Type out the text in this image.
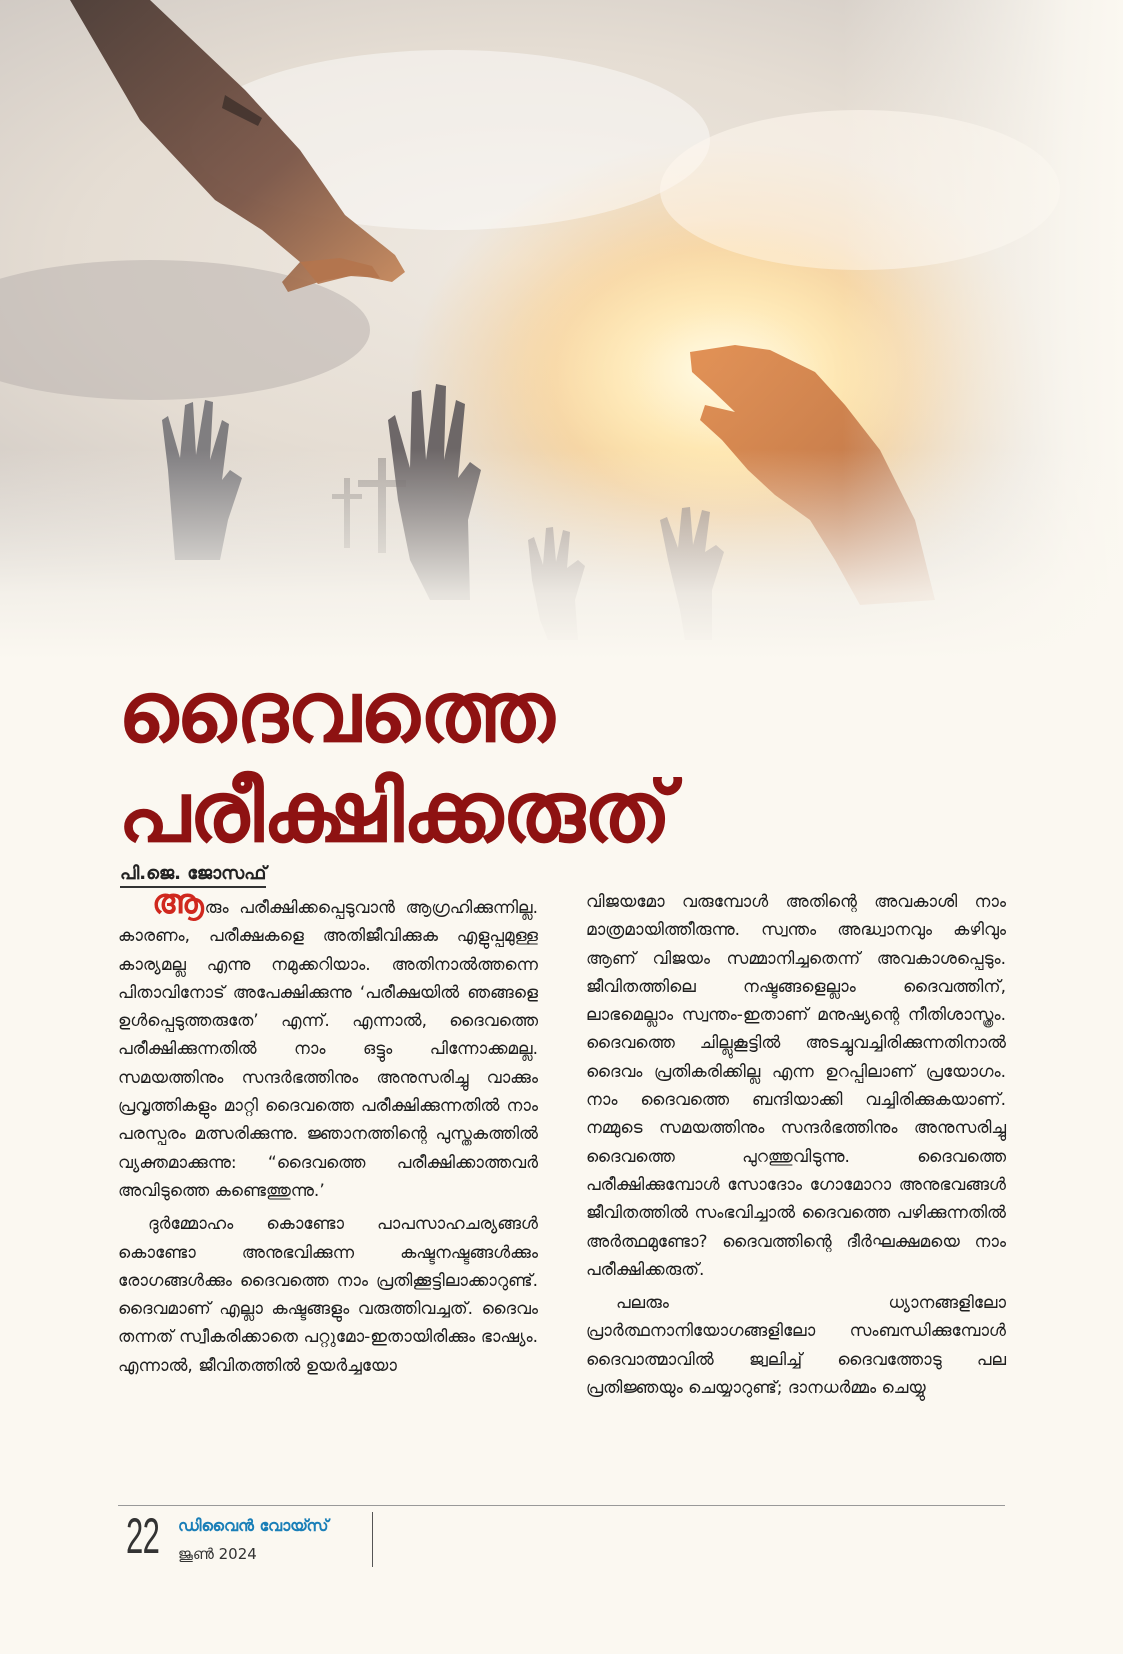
ദൈവത്തെ
പരീക്ഷിക്കരുത്

പി.ജെ. ജോസഫ്

ആരും പരീക്ഷിക്കപ്പെടുവാൻ ആഗ്രഹിക്കുന്നില്ല. കാരണം, പരീക്ഷകളെ അതിജീവിക്കുക എളുപ്പമുള്ള കാര്യമല്ല എന്നു നമുക്കറിയാം. അതിനാൽത്തന്നെ പിതാവിനോട് അപേക്ഷിക്കുന്നു ‘പരീക്ഷയിൽ ഞങ്ങളെ ഉൾപ്പെടുത്തരുതേ’ എന്ന്. എന്നാൽ, ദൈവത്തെ പരീക്ഷിക്കുന്നതിൽ നാം ഒട്ടും പിന്നോക്കമല്ല. സമയത്തിനും സന്ദർഭത്തിനും അനുസരിച്ചു വാക്കും പ്രവൃത്തികളും മാറ്റി ദൈവത്തെ പരീക്ഷിക്കുന്നതിൽ നാം പരസ്പരം മത്സരിക്കുന്നു. ജ്ഞാനത്തിന്റെ പുസ്തകത്തിൽ വ്യക്തമാക്കുന്നു: “ദൈവത്തെ പരീക്ഷിക്കാത്തവർ അവിടുത്തെ കണ്ടെത്തുന്നു.’

ദുർമ്മോഹം കൊണ്ടോ പാപസാഹചര്യങ്ങൾ കൊണ്ടോ അനുഭവിക്കുന്ന കഷ്ടനഷ്ടങ്ങൾക്കും രോഗങ്ങൾക്കും ദൈവത്തെ നാം പ്രതിക്കൂട്ടിലാക്കാറുണ്ട്. ദൈവമാണ് എല്ലാ കഷ്ടങ്ങളും വരുത്തിവച്ചത്. ദൈവം തന്നത് സ്വീകരിക്കാതെ പറ്റുമോ-ഇതായിരിക്കും ഭാഷ്യം. എന്നാൽ, ജീവിതത്തിൽ ഉയർച്ചയോ

വിജയമോ വരുമ്പോൾ അതിന്റെ അവകാശി നാം മാത്രമായിത്തീരുന്നു. സ്വന്തം അദ്ധ്വാനവും കഴിവും ആണ് വിജയം സമ്മാനിച്ചതെന്ന് അവകാശപ്പെടും. ജീവിതത്തിലെ നഷ്ടങ്ങളെല്ലാം ദൈവത്തിന്, ലാഭമെല്ലാം സ്വന്തം-ഇതാണ് മനുഷ്യന്റെ നീതിശാസ്ത്രം. ദൈവത്തെ ചില്ലുകൂട്ടിൽ അടച്ചുവച്ചിരിക്കുന്നതിനാൽ ദൈവം പ്രതികരിക്കില്ല എന്ന ഉറപ്പിലാണ് പ്രയോഗം. നാം ദൈവത്തെ ബന്ദിയാക്കി വച്ചിരിക്കുകയാണ്. നമ്മുടെ സമയത്തിനും സന്ദർഭത്തിനും അനുസരിച്ചു ദൈവത്തെ പുറത്തുവിടുന്നു. ദൈവത്തെ പരീക്ഷിക്കുമ്പോൾ സോദോം ഗോമോറാ അനുഭവങ്ങൾ ജീവിതത്തിൽ സംഭവിച്ചാൽ ദൈവത്തെ പഴിക്കുന്നതിൽ അർത്ഥമുണ്ടോ? ദൈവത്തിന്റെ ദീർഘക്ഷമയെ നാം പരീക്ഷിക്കരുത്.

പലരും ധ്യാനങ്ങളിലോ പ്രാർത്ഥനാനിയോഗങ്ങളിലോ സംബന്ധിക്കുമ്പോൾ ദൈവാത്മാവിൽ ജ്വലിച്ച് ദൈവത്തോടു പല പ്രതിജ്ഞയും ചെയ്യാറുണ്ട്; ദാനധർമ്മം ചെയ്യു

22 ഡിവൈൻ വോയ്സ്

ജൂൺ 2024
